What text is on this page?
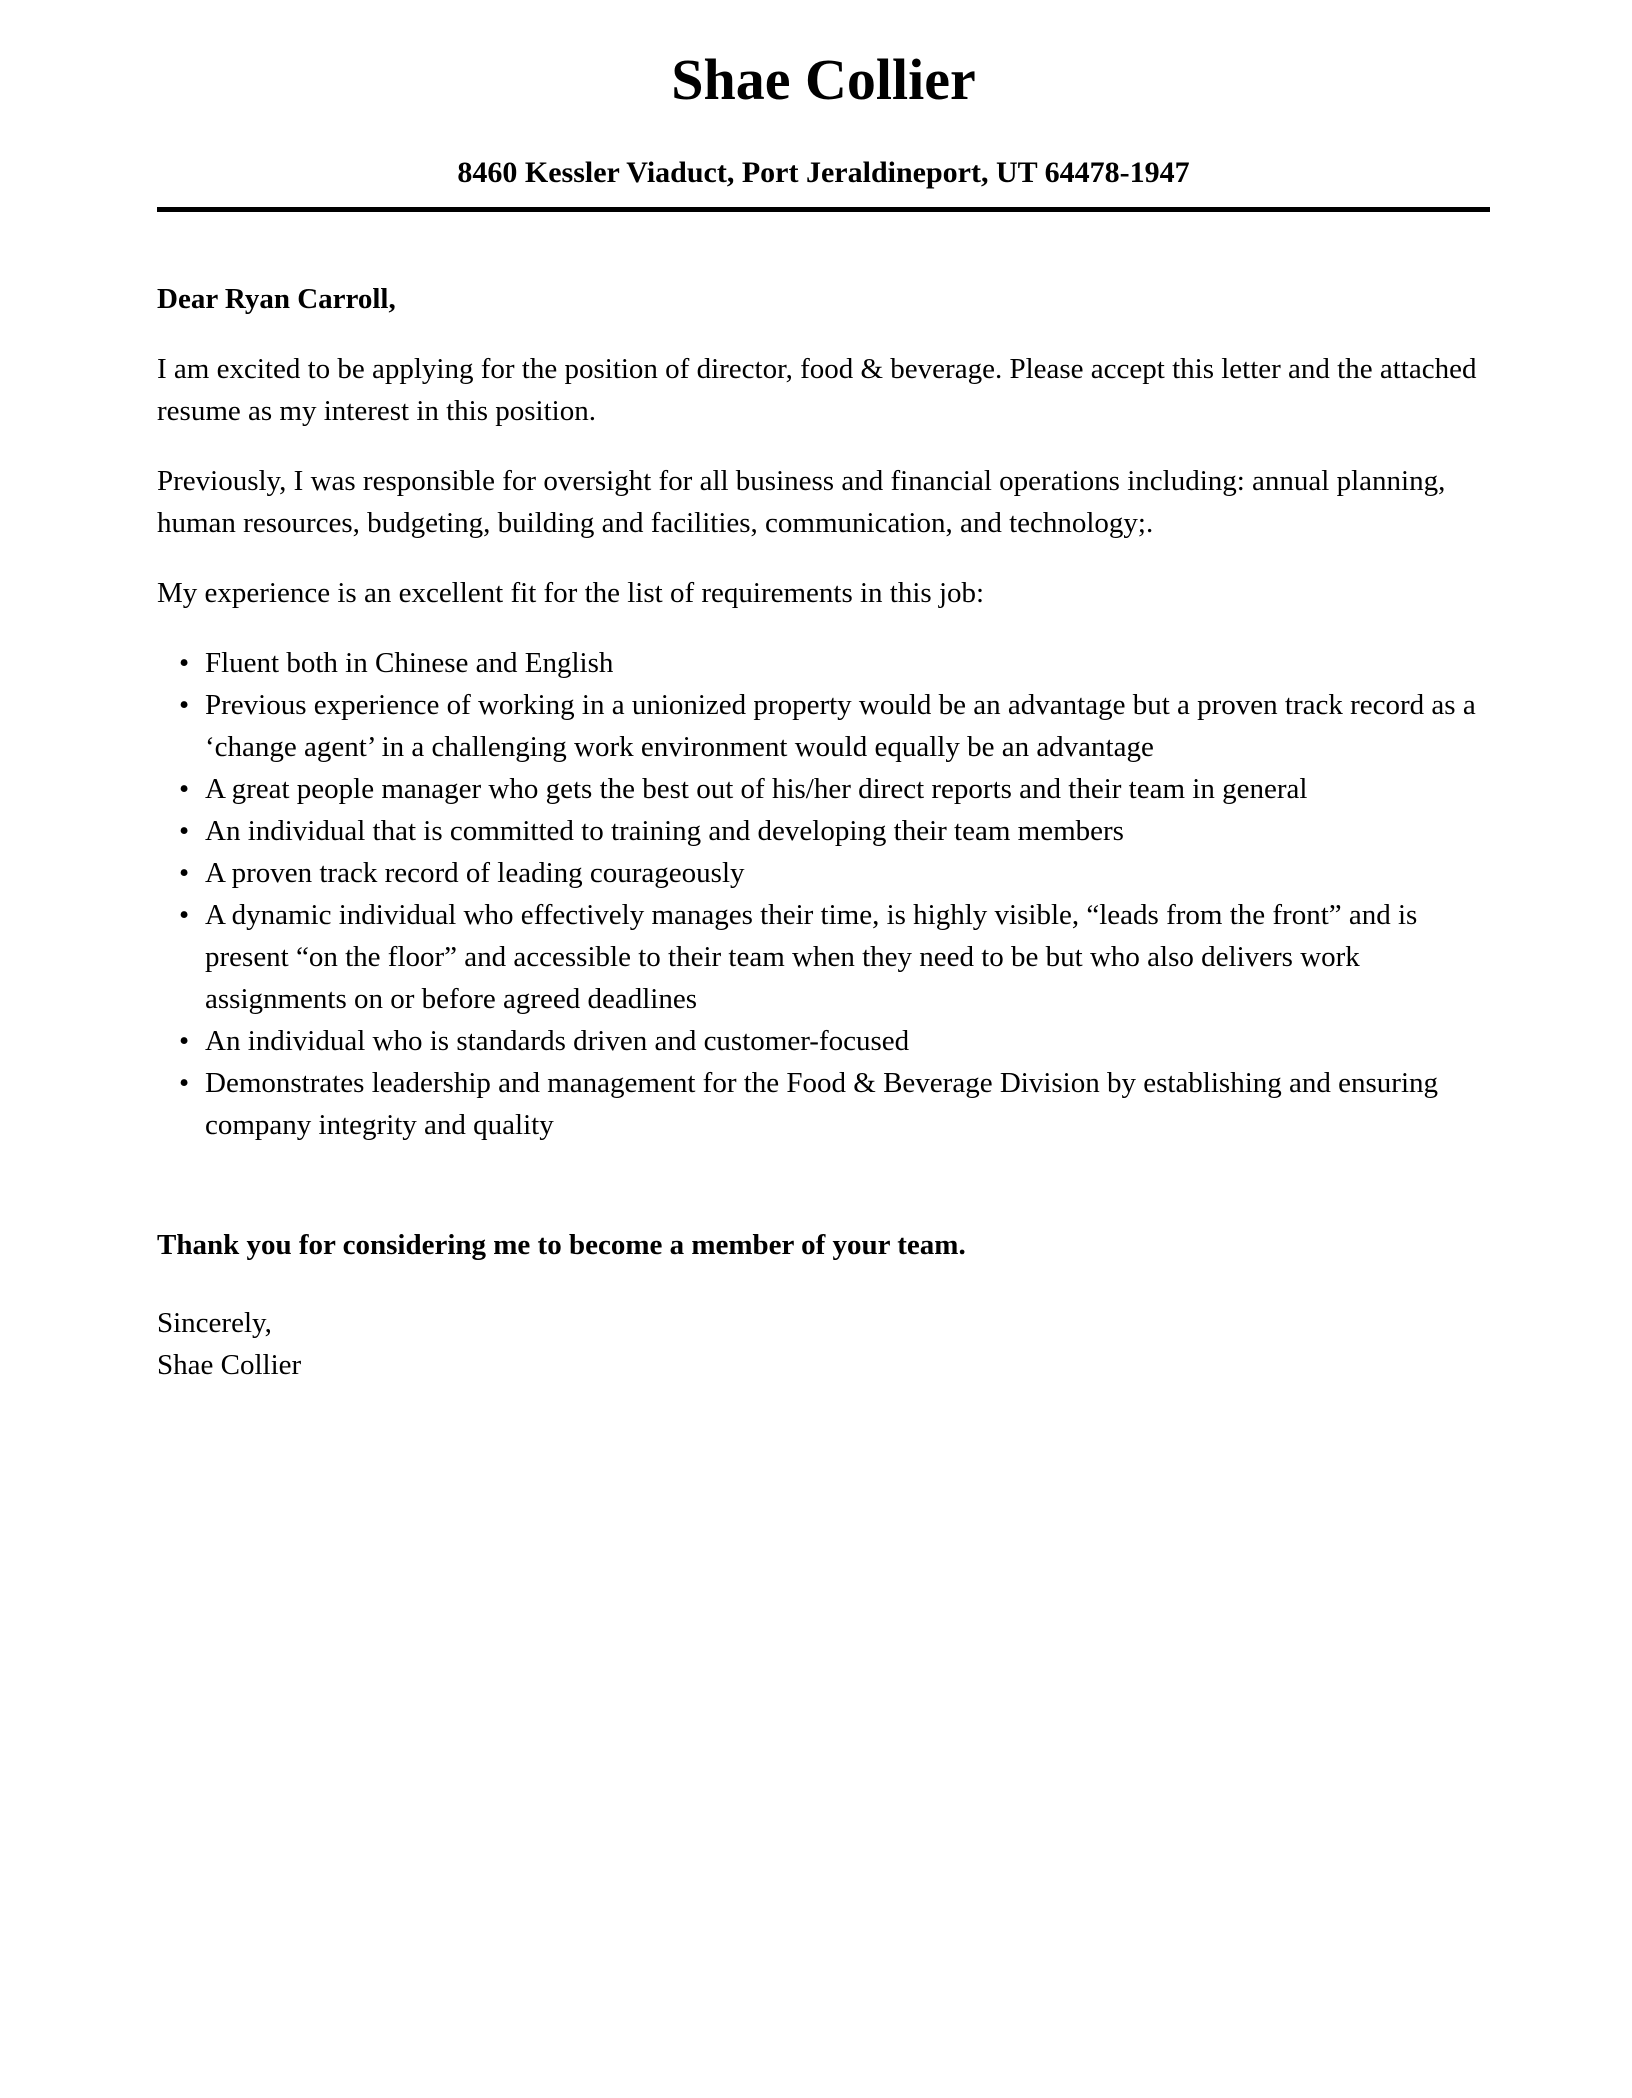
Shae Collier

8460 Kessler Viaduct, Port Jeraldineport, UT 64478-1947

Dear Ryan Carroll,

I am excited to be applying for the position of director, food & beverage. Please accept this letter and the attached resume as my interest in this position.

Previously, I was responsible for oversight for all business and financial operations including: annual planning, human resources, budgeting, building and facilities, communication, and technology;.

My experience is an excellent fit for the list of requirements in this job:

• Fluent both in Chinese and English
• Previous experience of working in a unionized property would be an advantage but a proven track record as a ‘change agent’ in a challenging work environment would equally be an advantage
• A great people manager who gets the best out of his/her direct reports and their team in general
• An individual that is committed to training and developing their team members
• A proven track record of leading courageously
• A dynamic individual who effectively manages their time, is highly visible, “leads from the front” and is present “on the floor” and accessible to their team when they need to be but who also delivers work assignments on or before agreed deadlines
• An individual who is standards driven and customer-focused
• Demonstrates leadership and management for the Food & Beverage Division by establishing and ensuring company integrity and quality

Thank you for considering me to become a member of your team.

Sincerely,

Shae Collier
